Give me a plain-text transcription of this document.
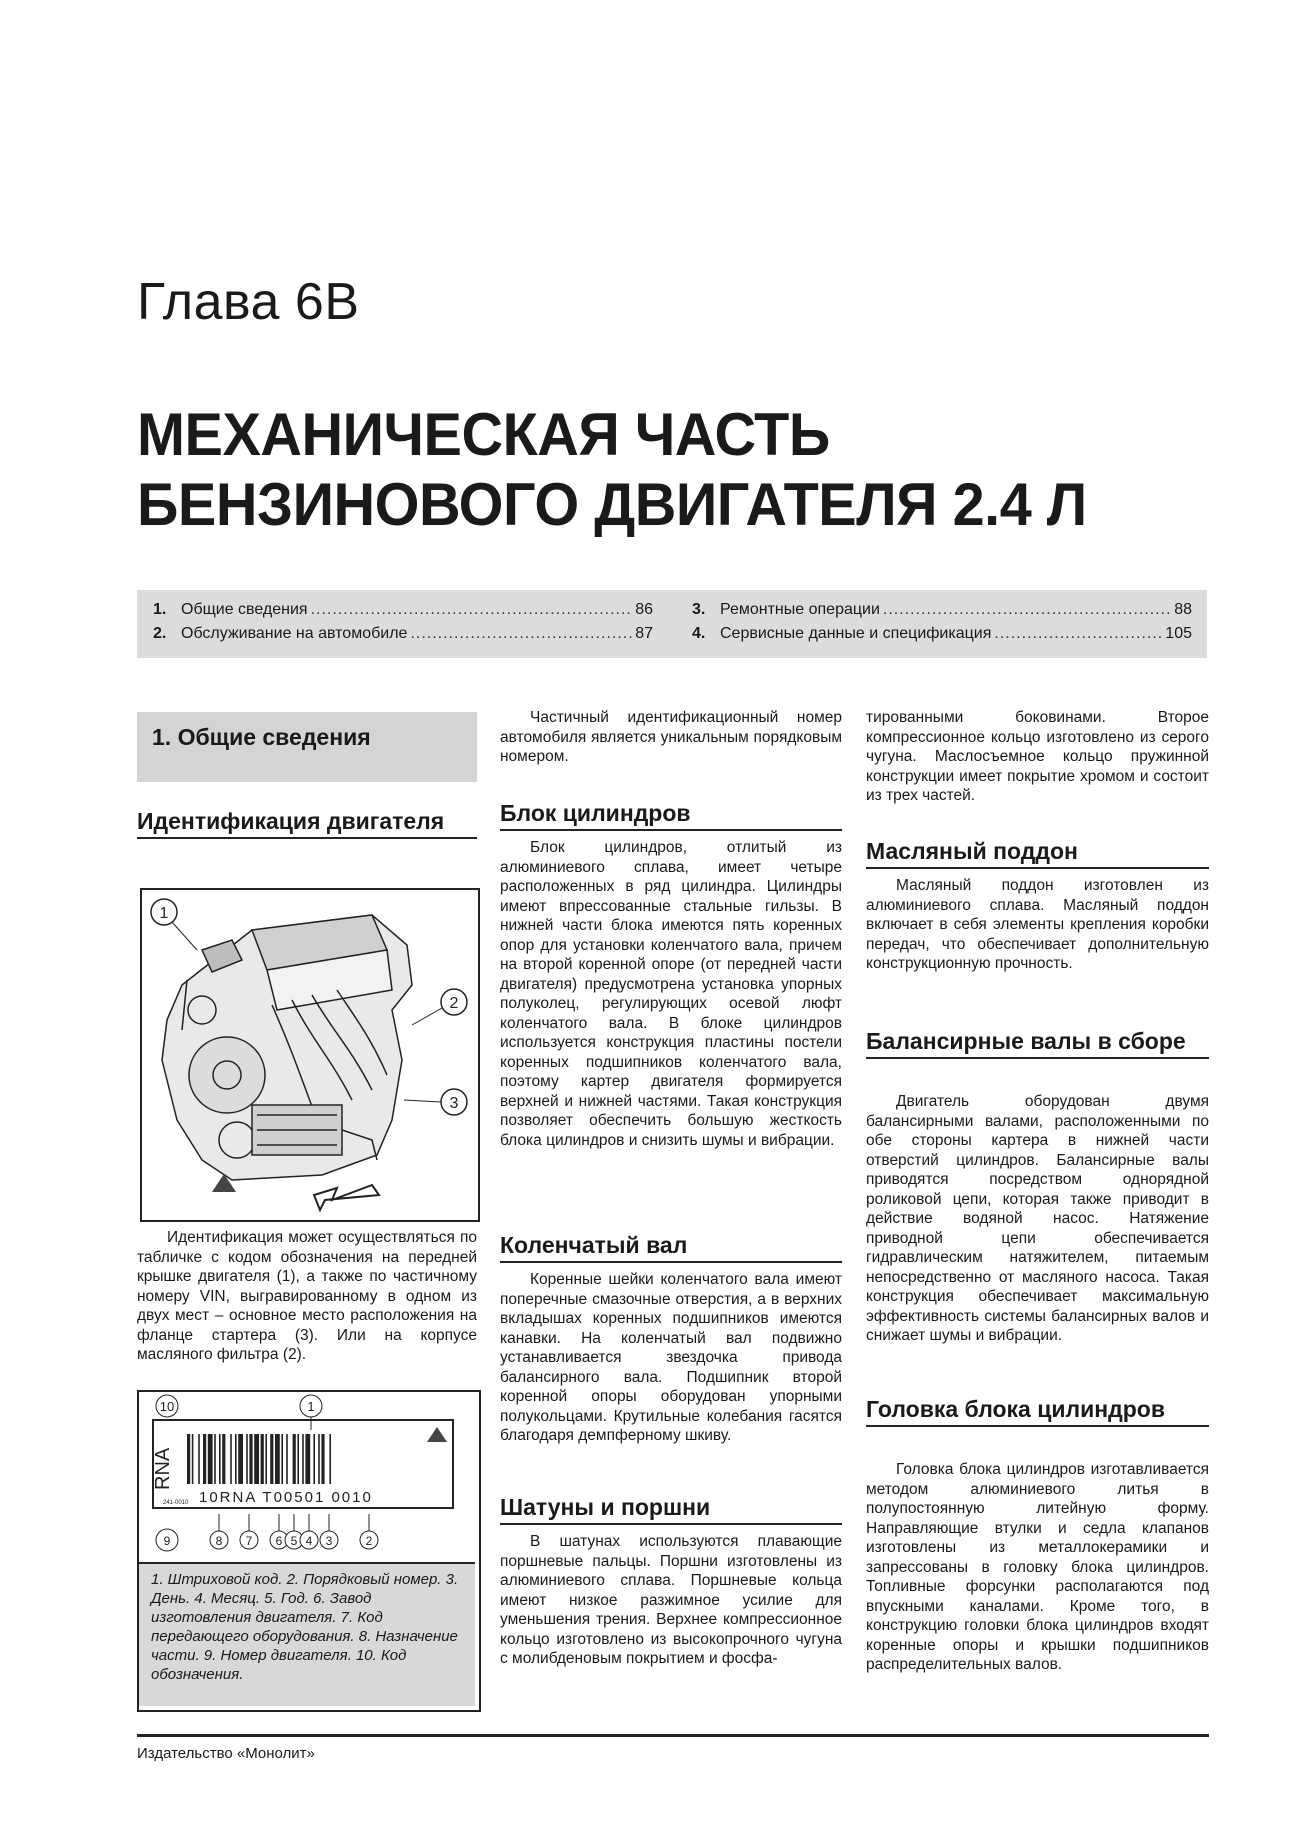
Глава 6В
МЕХАНИЧЕСКАЯ ЧАСТЬ
БЕНЗИНОВОГО ДВИГАТЕЛЯ 2.4 Л
1. Общие сведения .....	86
2. Обслуживание на автомобиле .....	87
3. Ремонтные операции .....	88
4. Сервисные данные и спецификация .....	105
1. Общие сведения
Идентификация двигателя
1
2
3

Идентификация может осуществляться по табличке с кодом обозначения на передней крышке двигателя (1), а также по частичному номеру VIN, выгравированному в одном из двух мест – основное место расположения на фланце стартера (3). Или на корпусе масляного фильтра (2).

RNA
241-0010 10RNA T00501 0010
10	1
9	8 7 6 5 4 3	2
1. Штриховой код. 2. Порядковый номер. 3. День. 4. Месяц. 5. Год. 6. Завод изготовления двигателя. 7. Код передающего оборудования. 8. Назначение части. 9. Номер двигателя. 10. Код обозначения.

Частичный идентификационный номер автомобиля является уникальным порядковым номером.

Блок цилиндров

Блок цилиндров, отлитый из алюминиевого сплава, имеет четыре расположенных в ряд цилиндра. Цилиндры имеют впрессованные стальные гильзы. В нижней части блока имеются пять коренных опор для установки коленчатого вала, причем на второй коренной опоре (от передней части двигателя) предусмотрена установка упорных полуколец, регулирующих осевой люфт коленчатого вала. В блоке цилиндров используется конструкция пластины постели коренных подшипников коленчатого вала, поэтому картер двигателя формируется верхней и нижней частями. Такая конструкция позволяет обеспечить большую жесткость блока цилиндров и снизить шумы и вибрации.

Коленчатый вал

Коренные шейки коленчатого вала имеют поперечные смазочные отверстия, а в верхних вкладышах коренных подшипников имеются канавки. На коленчатый вал подвижно устанавливается звездочка привода балансирного вала. Подшипник второй коренной опоры оборудован упорными полукольцами. Крутильные колебания гасятся благодаря демпферному шкиву.

Шатуны и поршни

В шатунах используются плавающие поршневые пальцы. Поршни изготовлены из алюминиевого сплава. Поршневые кольца имеют низкое разжимное усилие для уменьшения трения. Верхнее компрессионное кольцо изготовлено из высокопрочного чугуна с молибденовым покрытием и фосфа-

тированными боковинами. Второе компрессионное кольцо изготовлено из серого чугуна. Маслосъемное кольцо пружинной конструкции имеет покрытие хромом и состоит из трех частей.

Масляный поддон

Масляный поддон изготовлен из алюминиевого сплава. Масляный поддон включает в себя элементы крепления коробки передач, что обеспечивает дополнительную конструкционную прочность.

Балансирные валы в сборе

Двигатель оборудован двумя балансирными валами, расположенными по обе стороны картера в нижней части отверстий цилиндров. Балансирные валы приводятся посредством однорядной роликовой цепи, которая также приводит в действие водяной насос. Натяжение приводной цепи обеспечивается гидравлическим натяжителем, питаемым непосредственно от масляного насоса. Такая конструкция обеспечивает максимальную эффективность системы балансирных валов и снижает шумы и вибрации.

Головка блока цилиндров

Головка блока цилиндров изготавливается методом алюминиевого литья в полупостоянную литейную форму. Направляющие втулки и седла клапанов изготовлены из металлокерамики и запрессованы в головку блока цилиндров. Топливные форсунки располагаются под впускными каналами. Кроме того, в конструкцию головки блока цилиндров входят коренные опоры и крышки подшипников распределительных валов.

Издательство «Монолит»
